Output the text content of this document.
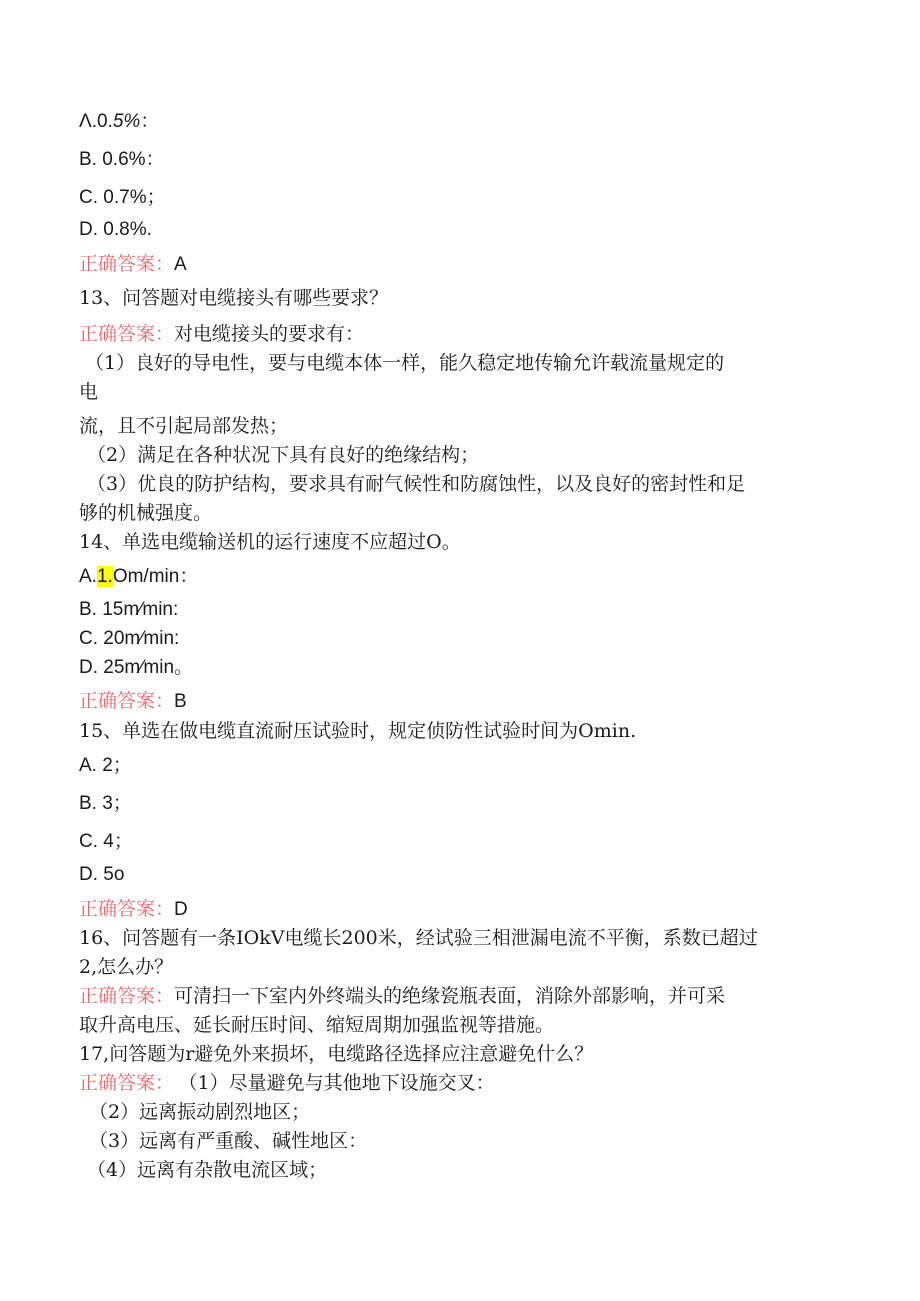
Λ.0.5%：
B. 0.6%：
C. 0.7%；
D. 0.8%.
正确答案：A
13、问答题对电缆接头有哪些要求？
正确答案：对电缆接头的要求有：
（1）良好的导电性，要与电缆本体一样，能久稳定地传输允许载流量规定的
电
流，且不引起局部发热；
（2）满足在各种状况下具有良好的绝缘结构；
（3）优良的防护结构，要求具有耐气候性和防腐蚀性，以及良好的密封性和足
够的机械强度。
14、单选电缆输送机的运行速度不应超过O。
A.1.Om/min：
B. 15m⁄min:
C. 20m⁄min:
D. 25m⁄min。
正确答案：B
15、单选在做电缆直流耐压试验时，规定侦防性试验时间为Omin.
A. 2；
B. 3；
C. 4；
D. 5o
正确答案：D
16、问答题有一条IOkV电缆长200米，经试验三相泄漏电流不平衡，系数已超过
2,怎么办？
正确答案：可清扫一下室内外终端头的绝缘瓷瓶表面，消除外部影响，并可采
取升高电压、延长耐压时间、缩短周期加强监视等措施。
17,问答题为r避免外来损坏，电缆路径选择应注意避免什么？
正确答案： （1）尽量避免与其他地下设施交叉：
（2）远离振动剧烈地区；
（3）远离有严重酸、碱性地区：
（4）远离有杂散电流区域；
